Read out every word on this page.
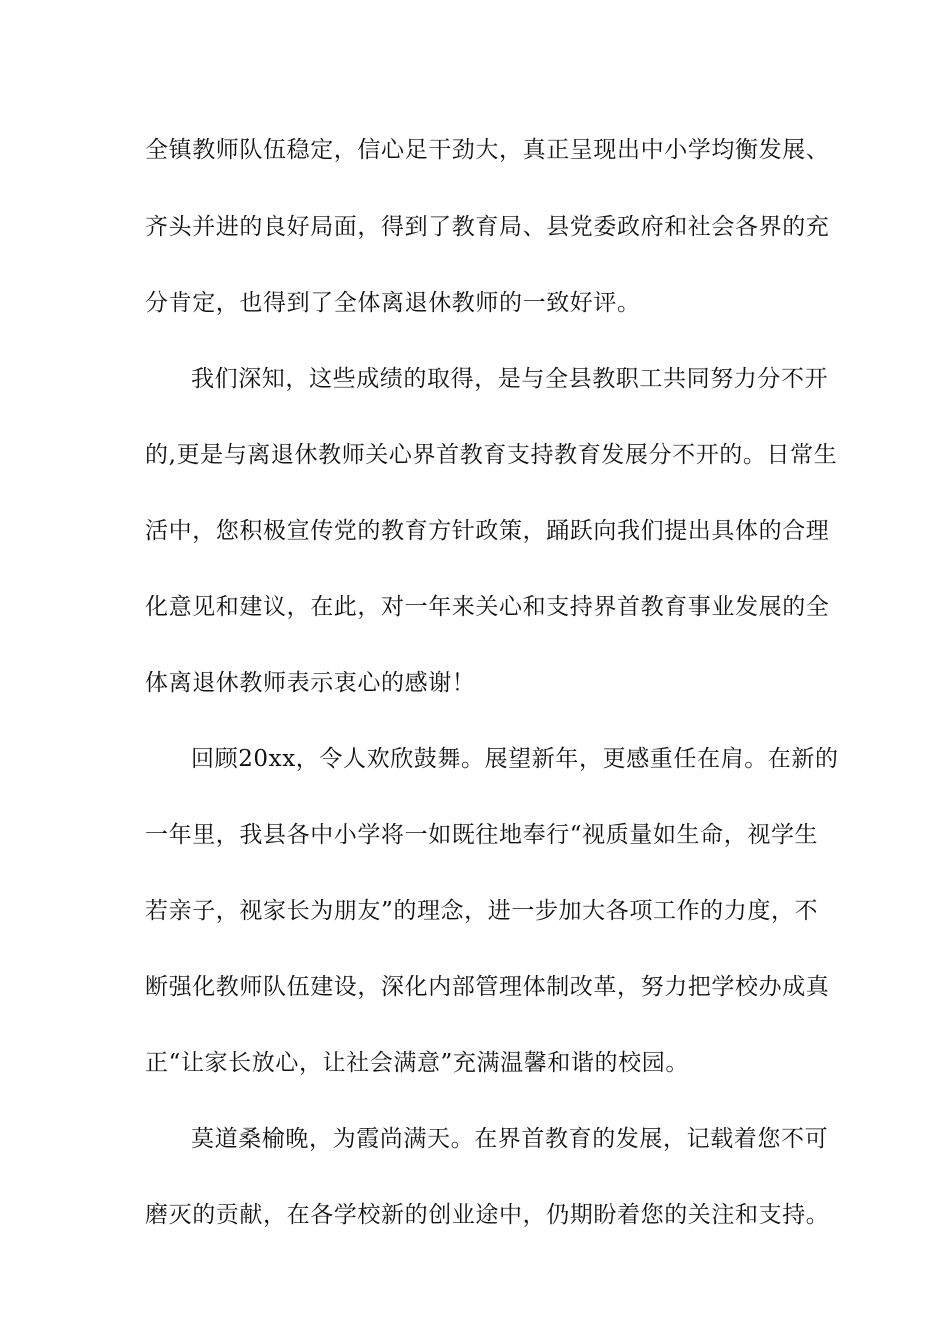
全镇教师队伍稳定，信心足干劲大，真正呈现出中小学均衡发展、
齐头并进的良好局面，得到了教育局、县党委政府和社会各界的充
分肯定，也得到了全体离退休教师的一致好评。
我们深知，这些成绩的取得，是与全县教职工共同努力分不开
的,更是与离退休教师关心界首教育支持教育发展分不开的。日常生
活中，您积极宣传党的教育方针政策，踊跃向我们提出具体的合理
化意见和建议，在此，对一年来关心和支持界首教育事业发展的全
体离退休教师表示衷心的感谢！
回顾20xx，令人欢欣鼓舞。展望新年，更感重任在肩。在新的
一年里，我县各中小学将一如既往地奉行“视质量如生命，视学生
若亲子，视家长为朋友”的理念，进一步加大各项工作的力度，不
断强化教师队伍建设，深化内部管理体制改革，努力把学校办成真
正“让家长放心，让社会满意”充满温馨和谐的校园。
莫道桑榆晚，为霞尚满天。在界首教育的发展，记载着您不可
磨灭的贡献，在各学校新的创业途中，仍期盼着您的关注和支持。
